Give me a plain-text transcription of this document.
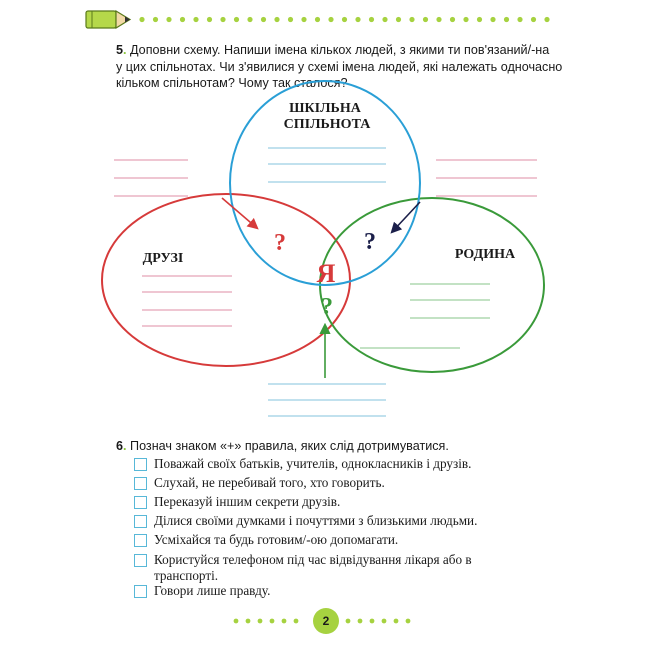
5. Доповни схему. Напиши імена кількох людей, з якими ти пов'язаний/-на
у цих спільнотах. Чи з'явилися у схемі імена людей, які належать одночасно
кільком спільнотам? Чому так сталося?
ШКІЛЬНА
СПІЛЬНОТА
ДРУЗІ	РОДИНА
Я
?	?
?
6. Познач знаком «+» правила, яких слід дотримуватися.
Поважай своїх батьків, учителів, однокласників і друзів.
Слухай, не перебивай того, хто говорить.
Переказуй іншим секрети друзів.
Ділися своїми думками і почуттями з близькими людьми.
Усміхайся та будь готовим/-ою допомагати.
Користуйся телефоном під час відвідування лікаря або в
транспорті.
Говори лише правду.
2
